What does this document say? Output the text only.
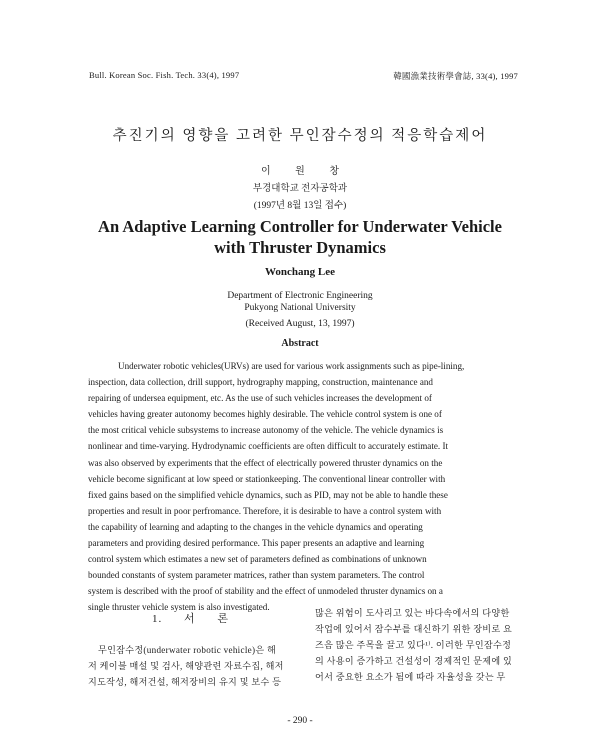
Bull. Korean Soc. Fish. Tech. 33(4), 1997	韓國漁業技術學會誌, 33(4), 1997
추진기의 영향을 고려한 무인잠수정의 적응학습제어
이 원 창
부경대학교 전자공학과
(1997년 8월 13일 접수)
An Adaptive Learning Controller for Underwater Vehicle
with Thruster Dynamics
Wonchang Lee
Department of Electronic Engineering
Pukyong National University
(Received August, 13, 1997)
Abstract
Underwater robotic vehicles(URVs) are used for various work assignments such as pipe-lining,
inspection, data collection, drill support, hydrography mapping, construction, maintenance and
repairing of undersea equipment, etc. As the use of such vehicles increases the development of
vehicles having greater autonomy becomes highly desirable. The vehicle control system is one of
the most critical vehicle subsystems to increase autonomy of the vehicle. The vehicle dynamics is
nonlinear and time-varying. Hydrodynamic coefficients are often difficult to accurately estimate. It
was also observed by experiments that the effect of electrically powered thruster dynamics on the
vehicle become significant at low speed or stationkeeping. The conventional linear controller with
fixed gains based on the simplified vehicle dynamics, such as PID, may not be able to handle these
properties and result in poor perfromance. Therefore, it is desirable to have a control system with
the capability of learning and adapting to the changes in the vehicle dynamics and operating
parameters and providing desired performance. This paper presents an adaptive and learning
control system which estimates a new set of parameters defined as combinations of unknown
bounded constants of system parameter matrices, rather than system parameters. The control
system is described with the proof of stability and the effect of unmodeled thruster dynamics on a
single thruster vehicle system is also investigated.
1. 서 론
무인잠수정(underwater robotic vehicle)은 해
저 케이블 매설 및 검사, 해양관련 자료수집, 해저
지도작성, 해저건설, 해저장비의 유지 및 보수 등
많은 위험이 도사리고 있는 바다속에서의 다양한
작업에 있어서 잠수부를 대신하기 위한 장비로 요
즈음 많은 주목을 끌고 있다¹⁾. 이러한 무인잠수정
의 사용이 증가하고 건설성이 경제적인 문제에 있
어서 중요한 요소가 됨에 따라 자율성을 갖는 무
- 290 -
